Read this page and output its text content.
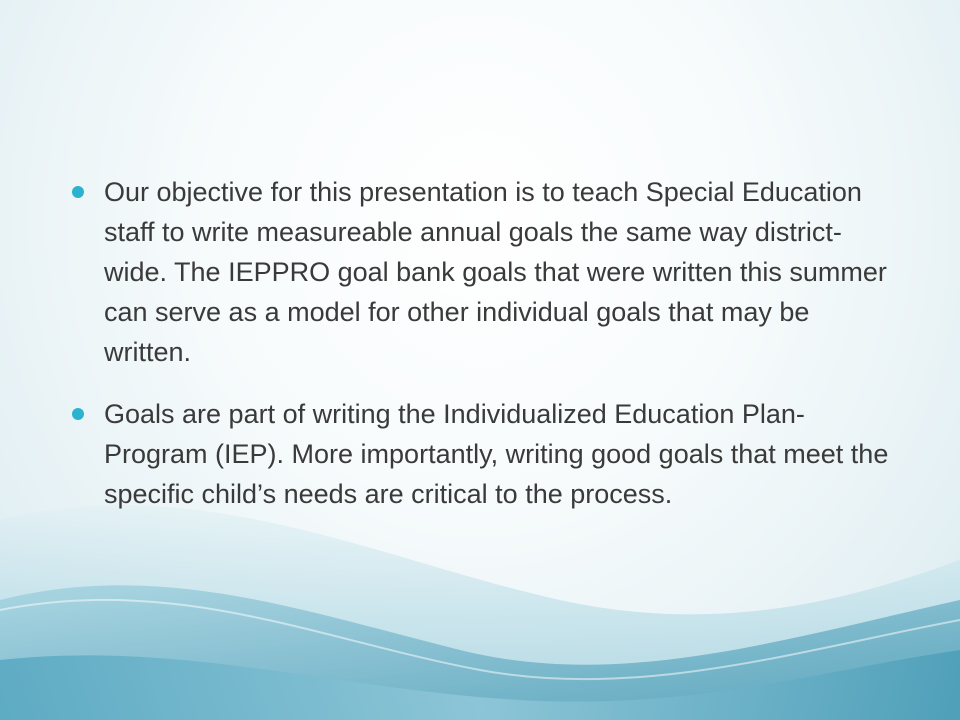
Our objective for this presentation is to teach Special Education staff to write measureable annual goals the same way district-wide. The IEPPRO goal bank goals that were written this summer can serve as a model for other individual goals that may be written.
Goals are part of writing the Individualized Education Plan-Program (IEP). More importantly, writing good goals that meet the specific child’s needs are critical to the process.
